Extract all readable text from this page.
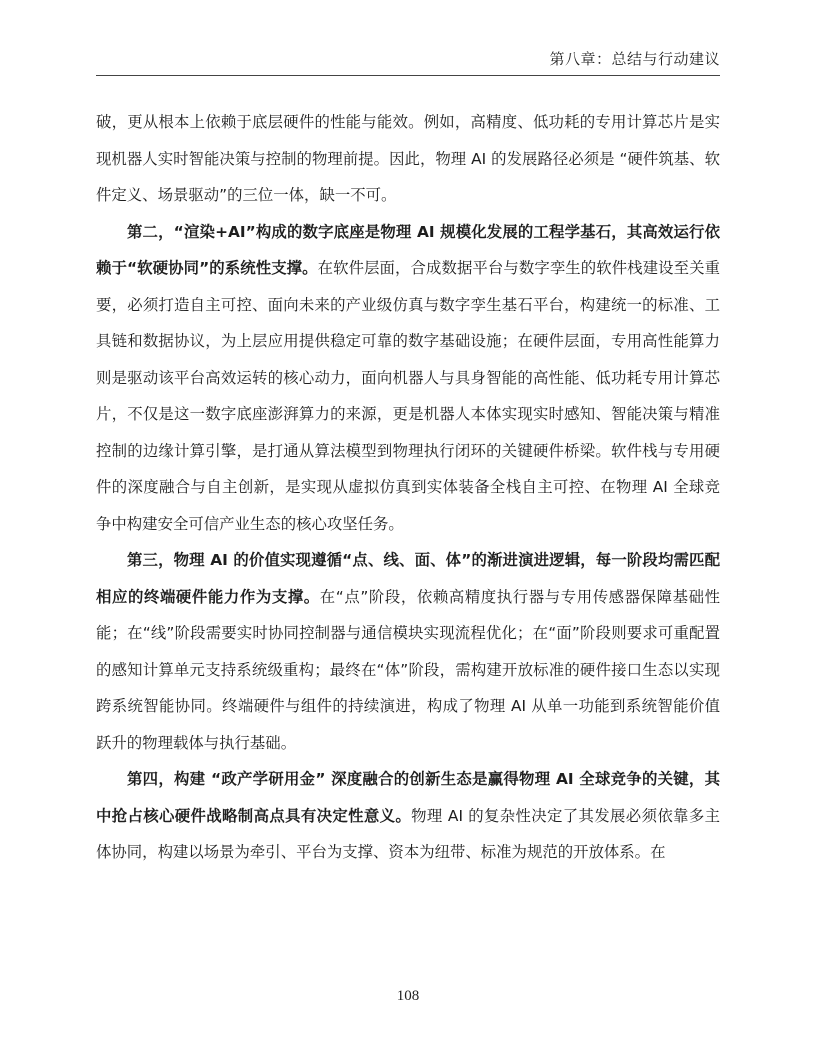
第八章：总结与行动建议

破，更从根本上依赖于底层硬件的性能与能效。例如，高精度、低功耗的专用计算芯片是实现机器人实时智能决策与控制的物理前提。因此，物理 AI 的发展路径必须是 “硬件筑基、软件定义、场景驱动”的三位一体，缺一不可。

第二，“渲染+AI”构成的数字底座是物理 AI 规模化发展的工程学基石，其高效运行依赖于“软硬协同”的系统性支撑。在软件层面，合成数据平台与数字孪生的软件栈建设至关重要，必须打造自主可控、面向未来的产业级仿真与数字孪生基石平台，构建统一的标准、工具链和数据协议，为上层应用提供稳定可靠的数字基础设施；在硬件层面，专用高性能算力则是驱动该平台高效运转的核心动力，面向机器人与具身智能的高性能、低功耗专用计算芯片，不仅是这一数字底座澎湃算力的来源，更是机器人本体实现实时感知、智能决策与精准控制的边缘计算引擎，是打通从算法模型到物理执行闭环的关键硬件桥梁。软件栈与专用硬件的深度融合与自主创新，是实现从虚拟仿真到实体装备全栈自主可控、在物理 AI 全球竞争中构建安全可信产业生态的核心攻坚任务。

第三，物理 AI 的价值实现遵循“点、线、面、体”的渐进演进逻辑，每一阶段均需匹配相应的终端硬件能力作为支撑。在“点”阶段，依赖高精度执行器与专用传感器保障基础性能；在“线”阶段需要实时协同控制器与通信模块实现流程优化；在“面”阶段则要求可重配置的感知计算单元支持系统级重构；最终在“体”阶段，需构建开放标准的硬件接口生态以实现跨系统智能协同。终端硬件与组件的持续演进，构成了物理 AI 从单一功能到系统智能价值跃升的物理载体与执行基础。

第四，构建 “政产学研用金” 深度融合的创新生态是赢得物理 AI 全球竞争的关键，其中抢占核心硬件战略制高点具有决定性意义。物理 AI 的复杂性决定了其发展必须依靠多主体协同，构建以场景为牵引、平台为支撑、资本为纽带、标准为规范的开放体系。在

108
